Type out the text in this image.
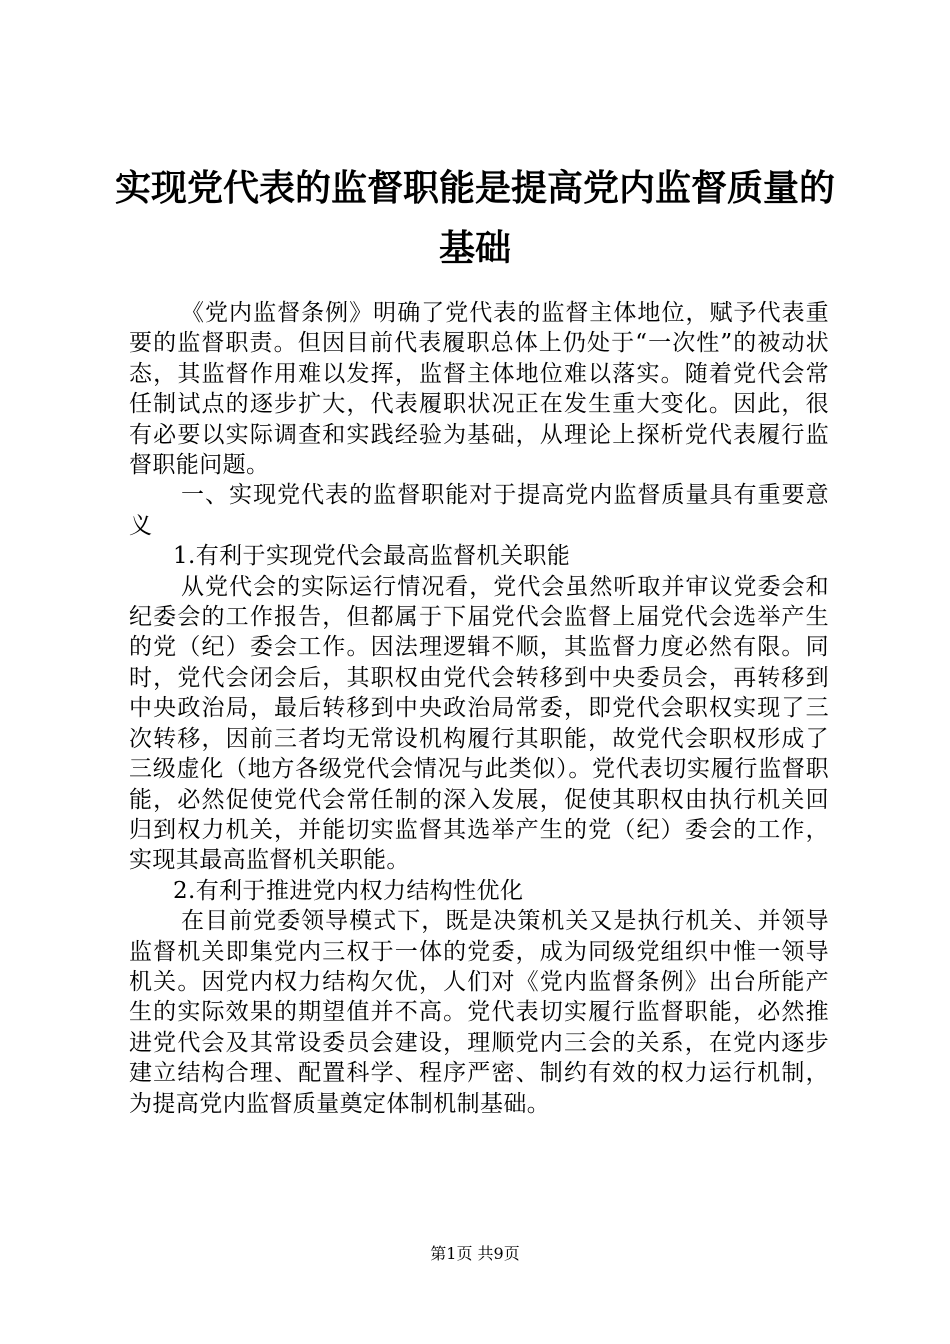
实现党代表的监督职能是提高党内监督质量的基础

《党内监督条例》明确了党代表的监督主体地位，赋予代表重要的监督职责。但因目前代表履职总体上仍处于“一次性”的被动状态，其监督作用难以发挥，监督主体地位难以落实。随着党代会常任制试点的逐步扩大，代表履职状况正在发生重大变化。因此，很有必要以实际调查和实践经验为基础，从理论上探析党代表履行监督职能问题。

一、实现党代表的监督职能对于提高党内监督质量具有重要意义

1.有利于实现党代会最高监督机关职能

从党代会的实际运行情况看，党代会虽然听取并审议党委会和纪委会的工作报告，但都属于下届党代会监督上届党代会选举产生的党（纪）委会工作。因法理逻辑不顺，其监督力度必然有限。同时，党代会闭会后，其职权由党代会转移到中央委员会，再转移到中央政治局，最后转移到中央政治局常委，即党代会职权实现了三次转移，因前三者均无常设机构履行其职能，故党代会职权形成了三级虚化（地方各级党代会情况与此类似）。党代表切实履行监督职能，必然促使党代会常任制的深入发展，促使其职权由执行机关回归到权力机关，并能切实监督其选举产生的党（纪）委会的工作，实现其最高监督机关职能。

2.有利于推进党内权力结构性优化

在目前党委领导模式下，既是决策机关又是执行机关、并领导监督机关即集党内三权于一体的党委，成为同级党组织中惟一领导机关。因党内权力结构欠优，人们对《党内监督条例》出台所能产生的实际效果的期望值并不高。党代表切实履行监督职能，必然推进党代会及其常设委员会建设，理顺党内三会的关系，在党内逐步建立结构合理、配置科学、程序严密、制约有效的权力运行机制，为提高党内监督质量奠定体制机制基础。

第1页 共9页
